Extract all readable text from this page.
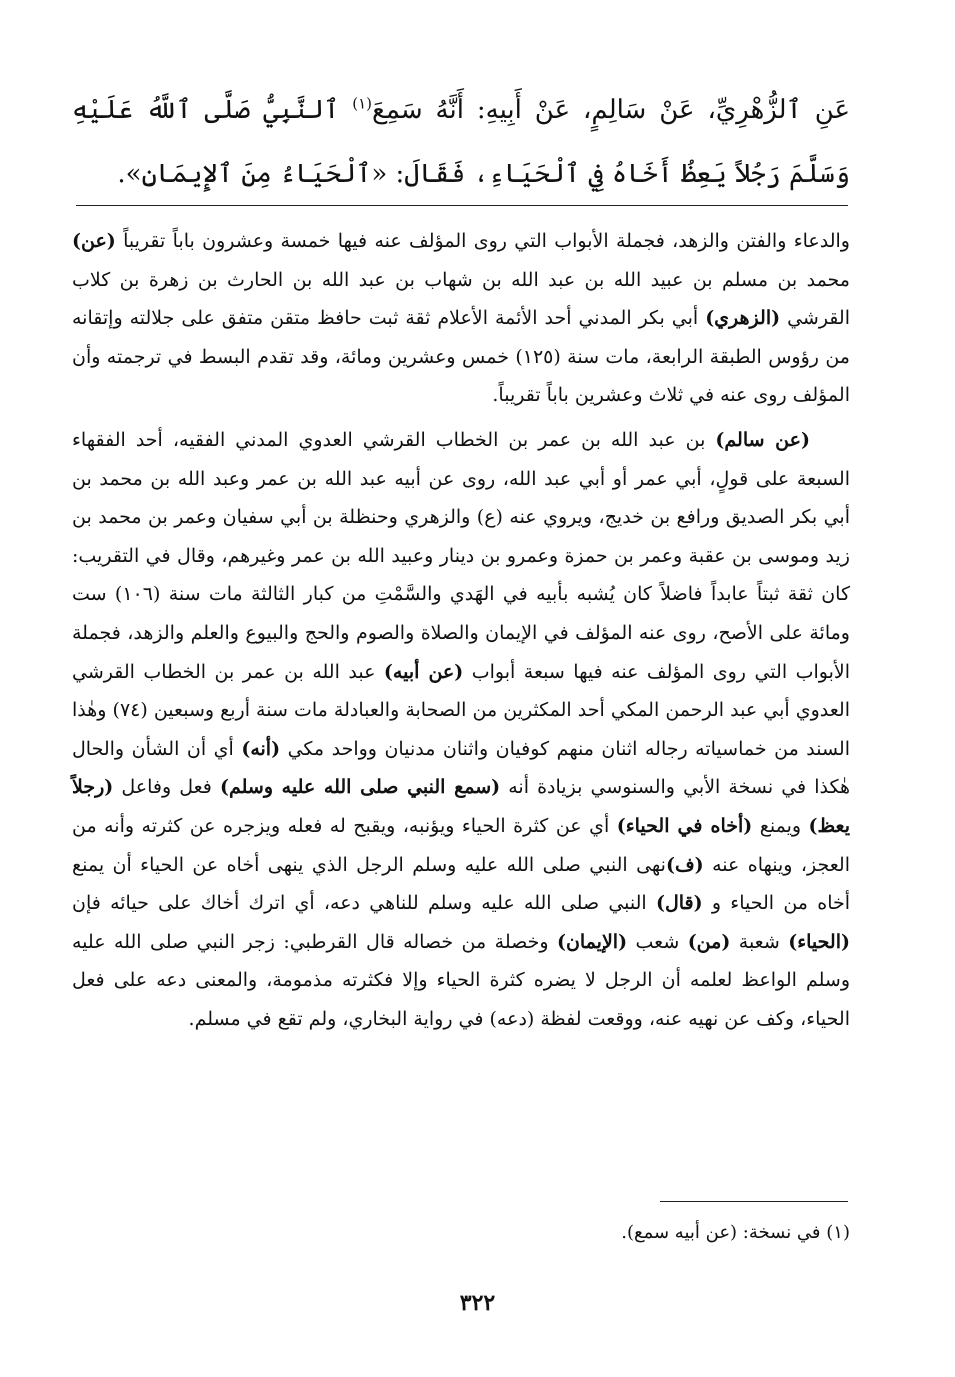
عَنِ ٱلزُّهْرِيِّ، عَنْ سَالِمٍ، عَنْ أَبِيهِ: أَنَّهُ سَمِعَ$^{(١)}$ ٱلنَّبِيُّ صَلَّى ٱللَّهُ عَلَيْهِ وَسَلَّمَ رَجُلاً يَعِظُ أَخَاهُ فِي ٱلْحَيَاءِ، فَقَالَ: «ٱلْحَيَاءُ مِنَ ٱلإِيمَانِ».

والدعاء والفتن والزهد، فجملة الأبواب التي روى المؤلف عنه فيها خمسة وعشرون باباً تقريباً (عن) محمد بن مسلم بن عبيد الله بن عبد الله بن شهاب بن عبد الله بن الحارث بن زهرة بن كلاب القرشي (الزهري) أبي بكر المدني أحد الأئمة الأعلام ثقة ثبت حافظ متقن متفق على جلالته وإتقانه من رؤوس الطبقة الرابعة، مات سنة (١٢٥) خمس وعشرين ومائة، وقد تقدم البسط في ترجمته وأن المؤلف روى عنه في ثلاث وعشرين باباً تقريباً.

(عن سالم) بن عبد الله بن عمر بن الخطاب القرشي العدوي المدني الفقيه، أحد الفقهاء السبعة على قولٍ، أبي عمر أو أبي عبد الله، روى عن أبيه عبد الله بن عمر وعبد الله بن محمد بن أبي بكر الصديق ورافع بن خديج، ويروي عنه (ع) والزهري وحنظلة بن أبي سفيان وعمر بن محمد بن زيد وموسى بن عقبة وعمر بن حمزة وعمرو بن دينار وعبيد الله بن عمر وغيرهم، وقال في التقريب: كان ثقة ثبتاً عابداً فاضلاً كان يُشبه بأبيه في الهَدي والسَّمْتِ من كبار الثالثة مات سنة (١٠٦) ست ومائة على الأصح، روى عنه المؤلف في الإيمان والصلاة والصوم والحج والبيوع والعلم والزهد، فجملة الأبواب التي روى المؤلف عنه فيها سبعة أبواب (عن أبيه) عبد الله بن عمر بن الخطاب القرشي العدوي أبي عبد الرحمن المكي أحد المكثرين من الصحابة والعبادلة مات سنة أربع وسبعين (٧٤) وهٰذا السند من خماسياته رجاله اثنان منهم كوفيان واثنان مدنيان وواحد مكي (أنه) أي أن الشأن والحال هٰكذا في نسخة الأبي والسنوسي بزيادة أنه (سمع النبي صلى الله عليه وسلم) فعل وفاعل (رجلاً يعظ) ويمنع (أخاه في الحياء) أي عن كثرة الحياء ويؤنبه، ويقبح له فعله ويزجره عن كثرته وأنه من العجز، وينهاه عنه (ف)نهى النبي صلى الله عليه وسلم الرجل الذي ينهى أخاه عن الحياء أن يمنع أخاه من الحياء و (قال) النبي صلى الله عليه وسلم للناهي دعه، أي اترك أخاك على حيائه فإن (الحياء) شعبة (من) شعب (الإيمان) وخصلة من خصاله قال القرطبي: زجر النبي صلى الله عليه وسلم الواعظ لعلمه أن الرجل لا يضره كثرة الحياء وإلا فكثرته مذمومة، والمعنى دعه على فعل الحياء، وكف عن نهيه عنه، ووقعت لفظة (دعه) في رواية البخاري، ولم تقع في مسلم.

(١) في نسخة: (عن أبيه سمع).
٣٢٢
